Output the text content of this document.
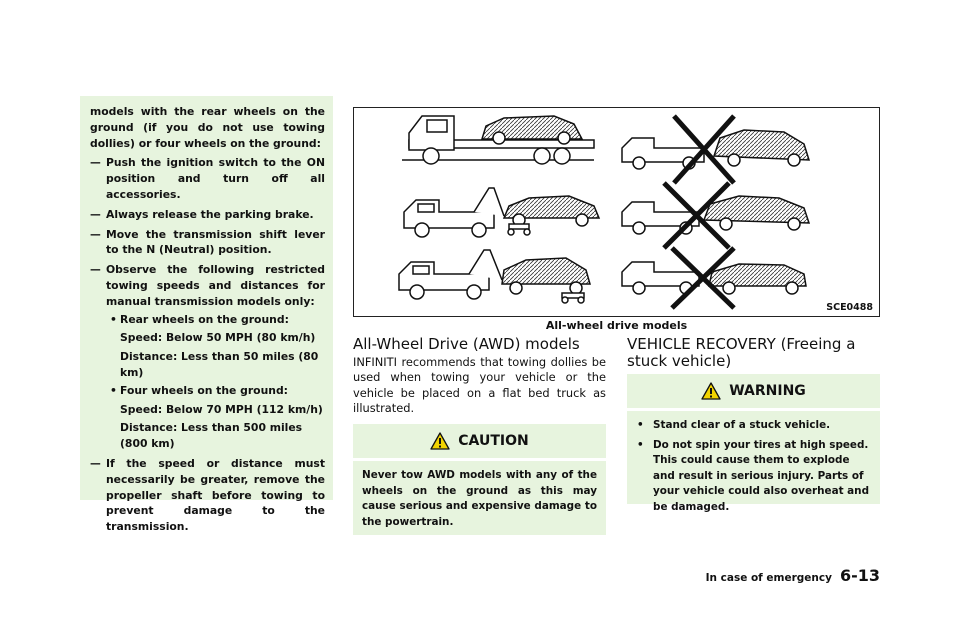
models with the rear wheels on the ground (if you do not use towing dollies) or four wheels on the ground:

— Push the ignition switch to the ON position and turn off all accessories.
— Always release the parking brake.
— Move the transmission shift lever to the N (Neutral) position.
— Observe the following restricted towing speeds and distances for manual transmission models only:
• Rear wheels on the ground:
Speed: Below 50 MPH (80 km/h)
Distance: Less than 50 miles (80 km)
• Four wheels on the ground:
Speed: Below 70 MPH (112 km/h)
Distance: Less than 500 miles (800 km)
— If the speed or distance must necessarily be greater, remove the propeller shaft before towing to prevent damage to the transmission.
SCE0488
All-wheel drive models
All-Wheel Drive (AWD) models
INFINITI recommends that towing dollies be used when towing your vehicle or the vehicle be placed on a flat bed truck as illustrated.
CAUTION
Never tow AWD models with any of the wheels on the ground as this may cause serious and expensive damage to the powertrain.
VEHICLE RECOVERY (Freeing a stuck vehicle)
WARNING
• Stand clear of a stuck vehicle.
• Do not spin your tires at high speed. This could cause them to explode and result in serious injury. Parts of your vehicle could also overheat and be damaged.
In case of emergency 6-13
